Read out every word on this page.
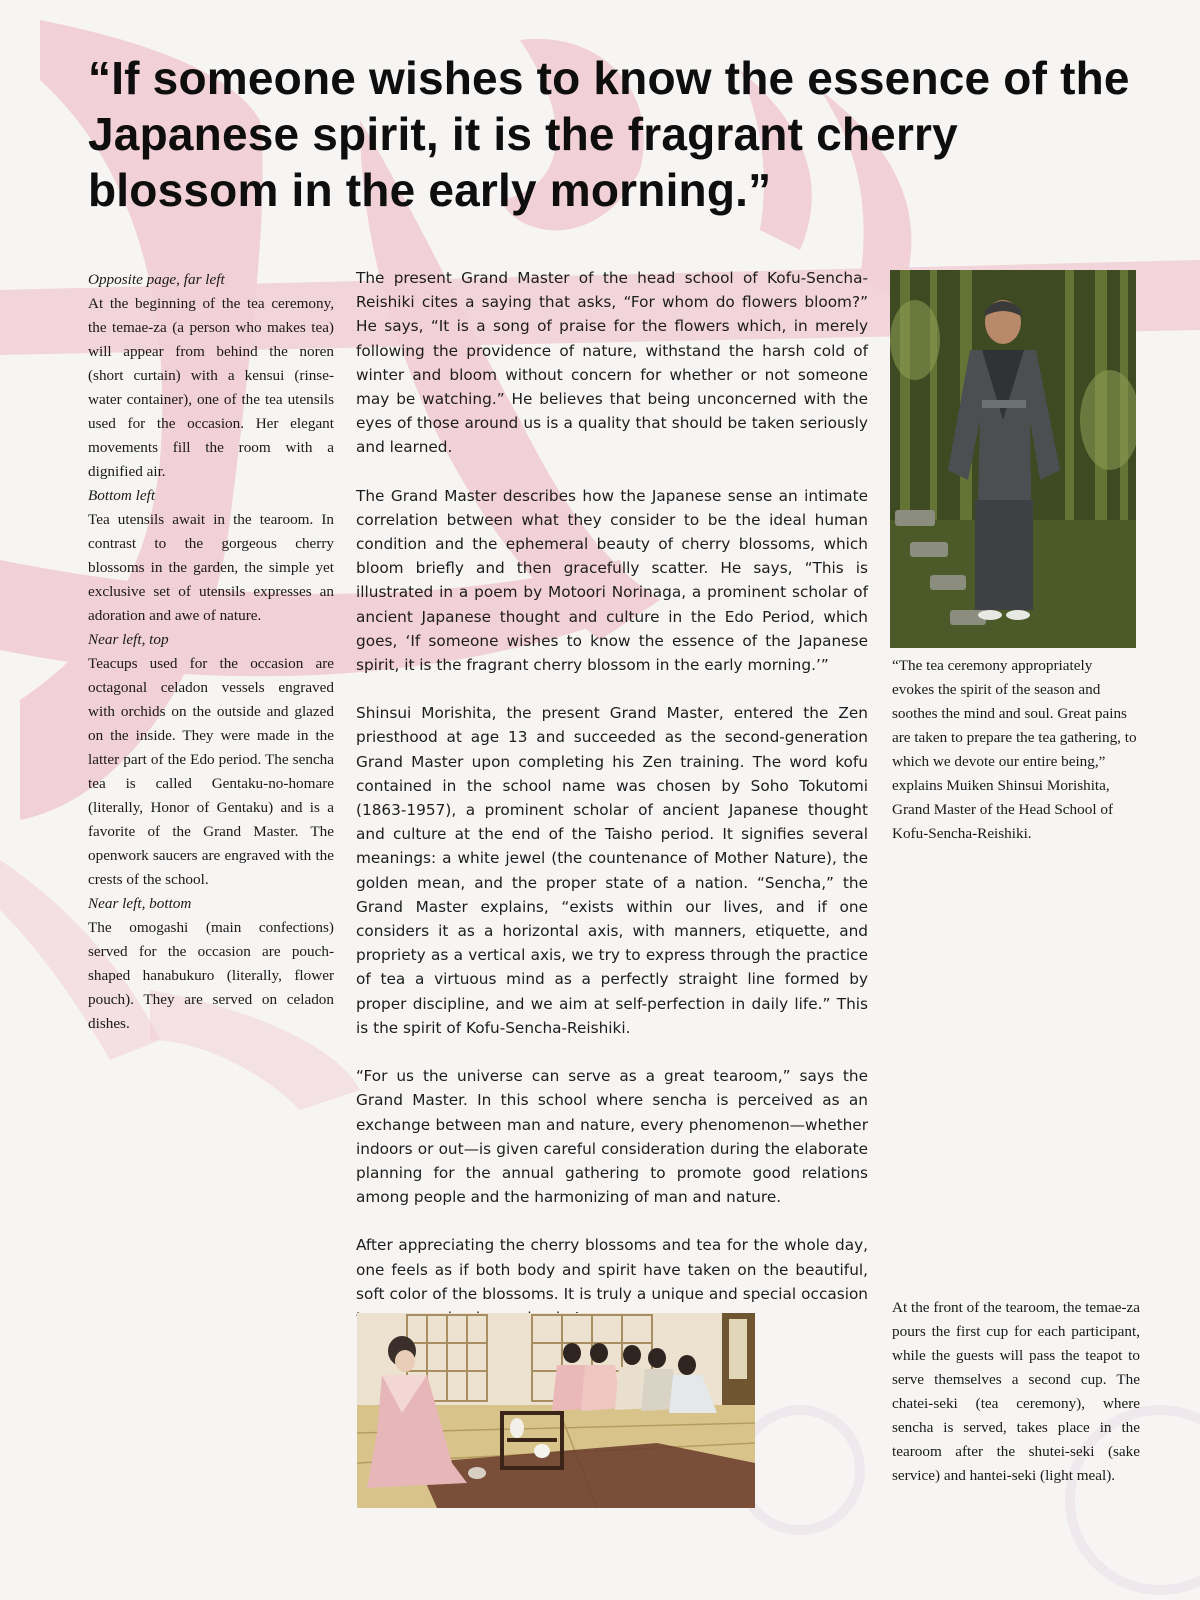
“If someone wishes to know the essence of the Japanese spirit, it is the fragrant cherry blossom in the early morning.”

Opposite page, far left

At the beginning of the tea ceremony, the temae-za (a person who makes tea) will appear from behind the noren (short curtain) with a kensui (rinse-water container), one of the tea utensils used for the occasion. Her elegant movements fill the room with a dignified air.

Bottom left

Tea utensils await in the tearoom. In contrast to the gorgeous cherry blossoms in the garden, the simple yet exclusive set of utensils expresses an adoration and awe of nature.

Near left, top

Teacups used for the occasion are octagonal celadon vessels engraved with orchids on the outside and glazed on the inside. They were made in the latter part of the Edo period. The sencha tea is called Gentaku-no-homare (literally, Honor of Gentaku) and is a favorite of the Grand Master. The openwork saucers are engraved with the crests of the school.

Near left, bottom

The omogashi (main confections) served for the occasion are pouch-shaped hanabukuro (literally, flower pouch). They are served on celadon dishes.

The present Grand Master of the head school of Kofu-Sencha-Reishiki cites a saying that asks, “For whom do flowers bloom?” He says, “It is a song of praise for the flowers which, in merely following the providence of nature, withstand the harsh cold of winter and bloom without concern for whether or not someone may be watching.” He believes that being unconcerned with the eyes of those around us is a quality that should be taken seriously and learned.

The Grand Master describes how the Japanese sense an intimate correlation between what they consider to be the ideal human condition and the ephemeral beauty of cherry blossoms, which bloom briefly and then gracefully scatter. He says, “This is illustrated in a poem by Motoori Norinaga, a prominent scholar of ancient Japanese thought and culture in the Edo Period, which goes, ‘If someone wishes to know the essence of the Japanese spirit, it is the fragrant cherry blossom in the early morning.’”

Shinsui Morishita, the present Grand Master, entered the Zen priesthood at age 13 and succeeded as the second-generation Grand Master upon completing his Zen training. The word kofu contained in the school name was chosen by Soho Tokutomi (1863-1957), a prominent scholar of ancient Japanese thought and culture at the end of the Taisho period. It signifies several meanings: a white jewel (the countenance of Mother Nature), the golden mean, and the proper state of a nation. “Sencha,” the Grand Master explains, “exists within our lives, and if one considers it as a horizontal axis, with manners, etiquette, and propriety as a vertical axis, we try to express through the practice of tea a virtuous mind as a perfectly straight line formed by proper discipline, and we aim at self-perfection in daily life.” This is the spirit of Kofu-Sencha-Reishiki.

“For us the universe can serve as a great tearoom,” says the Grand Master. In this school where sencha is perceived as an exchange between man and nature, every phenomenon—whether indoors or out—is given careful consideration during the elaborate planning for the annual gathering to promote good relations among people and the harmonizing of man and nature.

After appreciating the cherry blossoms and tea for the whole day, one feels as if both body and spirit have taken on the beautiful, soft color of the blossoms. It is truly a unique and special occasion

“The tea ceremony appropriately evokes the spirit of the season and soothes the mind and soul. Great pains are taken to prepare the tea gathering, to which we devote our entire being,” explains Muiken Shinsui Morishita, Grand Master of the Head School of Kofu-Sencha-Reishiki.

At the front of the tearoom, the temae-za pours the first cup for each participant, while the guests will pass the teapot to serve themselves a second cup. The chatei-seki (tea ceremony), where sencha is served, takes place in the tearoom after the shutei-seki (sake service) and hantei-seki (light meal).
